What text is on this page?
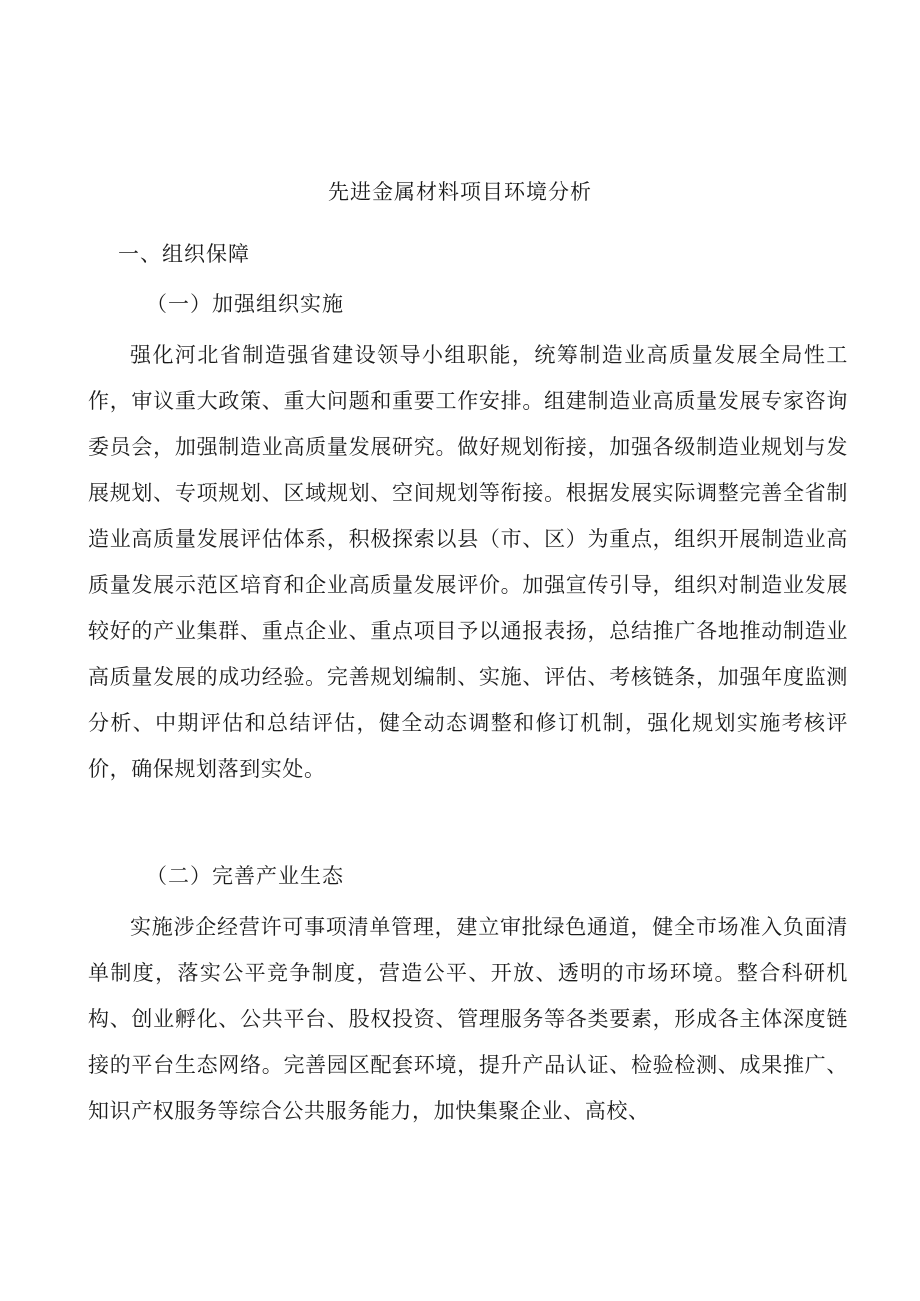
先进金属材料项目环境分析
一、组织保障
（一）加强组织实施

强化河北省制造强省建设领导小组职能，统筹制造业高质量发展全局性工作，审议重大政策、重大问题和重要工作安排。组建制造业高质量发展专家咨询委员会，加强制造业高质量发展研究。做好规划衔接，加强各级制造业规划与发展规划、专项规划、区域规划、空间规划等衔接。根据发展实际调整完善全省制造业高质量发展评估体系，积极探索以县（市、区）为重点，组织开展制造业高质量发展示范区培育和企业高质量发展评价。加强宣传引导，组织对制造业发展较好的产业集群、重点企业、重点项目予以通报表扬，总结推广各地推动制造业高质量发展的成功经验。完善规划编制、实施、评估、考核链条，加强年度监测分析、中期评估和总结评估，健全动态调整和修订机制，强化规划实施考核评价，确保规划落到实处。

（二）完善产业生态

实施涉企经营许可事项清单管理，建立审批绿色通道，健全市场准入负面清单制度，落实公平竞争制度，营造公平、开放、透明的市场环境。整合科研机构、创业孵化、公共平台、股权投资、管理服务等各类要素，形成各主体深度链接的平台生态网络。完善园区配套环境，提升产品认证、检验检测、成果推广、知识产权服务等综合公共服务能力，加快集聚企业、高校、
